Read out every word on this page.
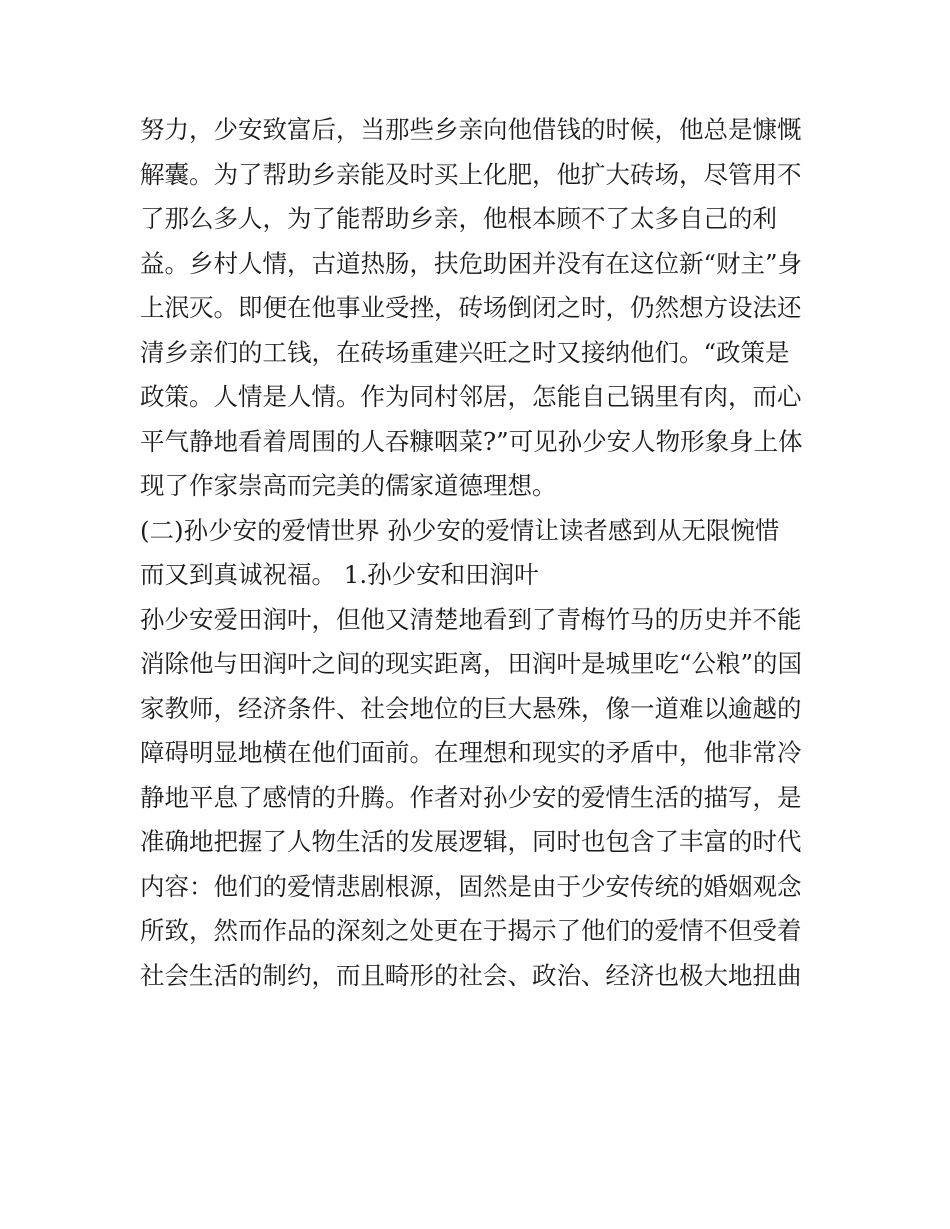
努力，少安致富后，当那些乡亲向他借钱的时候，他总是慷慨

解囊。为了帮助乡亲能及时买上化肥，他扩大砖场，尽管用不

了那么多人，为了能帮助乡亲，他根本顾不了太多自己的利

益。乡村人情，古道热肠，扶危助困并没有在这位新“财主”身

上泯灭。即便在他事业受挫，砖场倒闭之时，仍然想方设法还

清乡亲们的工钱，在砖场重建兴旺之时又接纳他们。“政策是

政策。人情是人情。作为同村邻居，怎能自己锅里有肉，而心

平气静地看着周围的人吞糠咽菜?”可见孙少安人物形象身上体

现了作家崇高而完美的儒家道德理想。

(二)孙少安的爱情世界 孙少安的爱情让读者感到从无限惋惜

而又到真诚祝福。 1.孙少安和田润叶

孙少安爱田润叶，但他又清楚地看到了青梅竹马的历史并不能

消除他与田润叶之间的现实距离，田润叶是城里吃“公粮”的国

家教师，经济条件、社会地位的巨大悬殊，像一道难以逾越的

障碍明显地横在他们面前。在理想和现实的矛盾中，他非常冷

静地平息了感情的升腾。作者对孙少安的爱情生活的描写，是

准确地把握了人物生活的发展逻辑，同时也包含了丰富的时代

内容：他们的爱情悲剧根源，固然是由于少安传统的婚姻观念

所致，然而作品的深刻之处更在于揭示了他们的爱情不但受着

社会生活的制约，而且畸形的社会、政治、经济也极大地扭曲
